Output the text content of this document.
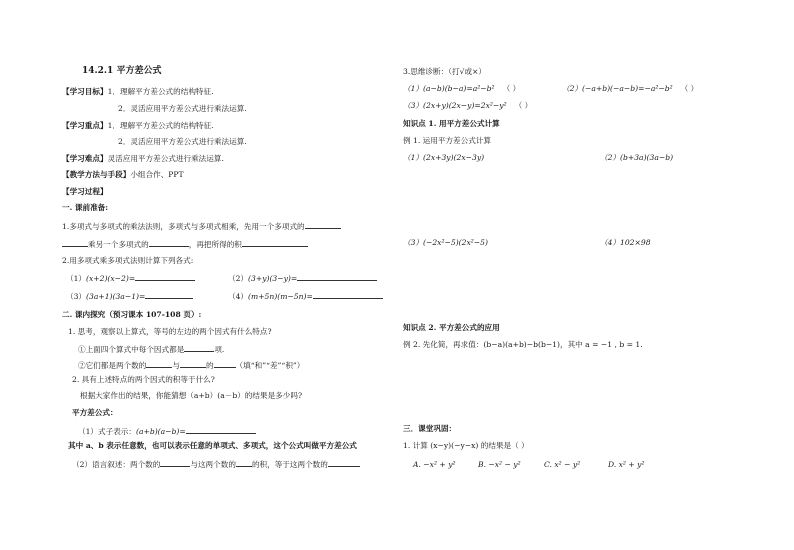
14.2.1 平方差公式
【学习目标】1．理解平方差公式的结构特征.
2．灵活应用平方差公式进行乘法运算.
【学习重点】1．理解平方差公式的结构特征.
2．灵活应用平方差公式进行乘法运算.
【学习难点】灵活应用平方差公式进行乘法运算.
【教学方法与手段】小组合作、PPT
【学习过程】
一. 课前准备:
1.多项式与多项式的乘法法则，多项式与多项式相乘，先用一个多项式的
乘另一个多项式的	，再把所得的积
2.用多项式乘多项式法则计算下列各式:
（1）(x+2)(x−2)=	（2）(3+y)(3−y)=
（3）(3a+1)(3a−1)=	（4）(m+5n)(m−5n)=
二. 课内探究（预习课本 107-108 页）:
1. 思考，观察以上算式，等号的左边的两个因式有什么特点?
①上面四个算式中每个因式都是	项.
②它们都是两个数的	与	的	（填“和”“差”“积”）
2. 具有上述特点的两个因式的积等于什么?
根据大家作出的结果，你能猜想（a+b）(a－b）的结果是多少吗?
平方差公式：
（1）式子表示：(a+b)(a−b)=
其中 a、b 表示任意数，也可以表示任意的单项式、多项式，这个公式叫做平方差公式
（2）语言叙述：两个数的	与这两个数的 的积，等于这两个数的
3.思维诊断：（打√或×）
（1）(a−b)(b−a)=a²−b² （ ）	（2）(−a+b)(−a−b)=−a²−b² （ ）
（3）(2x+y)(2x−y)=2x²−y² （ ）
知识点 1. 用平方差公式计算
例 1. 运用平方差公式计算
（1）(2x+3y)(2x−3y)	（2）(b+3a)(3a−b)
（3）(−2x²−5)(2x²−5)	（4）102×98
知识点 2. 平方差公式的应用
例 2. 先化简，再求值：(b−a)(a+b)−b(b−1)，其中 a = −1 , b = 1.
三．课堂巩固：
1. 计算 (x−y)(−y−x) 的结果是（ ）
A. −x² + y²	B. −x² − y²	C. x² − y²	D. x² + y²
